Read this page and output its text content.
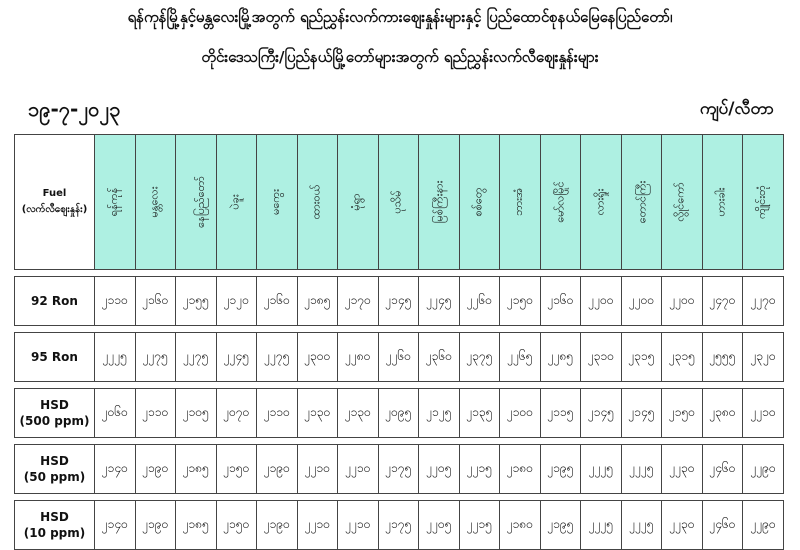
ရန်ကုန်မြို့နှင့်မန္တလေးမြို့အတွက် ရည်ညွှန်းလက်ကားဈေးနှုန်းများနှင့် ပြည်ထောင်စုနယ်မြေနေပြည်တော်၊
တိုင်းဒေသကြီး/ပြည်နယ်မြို့တော်များအတွက် ရည်ညွှန်းလက်လီဈေးနှုန်းများ
၁၉-၇-၂၀၂၃	ကျပ်/လီတာ
Fuel
(လက်လီဈေးနှုန်း)	ရန်ကုန်	မန္တလေး	နေပြည်တော်	ပဲခူး	မကွေး	ထားဝယ်	မုံရွာ	ပုသိမ်	မြစ်ကြီးနား	စစ်တွေ	ဘားအံ	မော်လမြိုင်	လားရှိုး	တောင်ကြီး	လွိုင်ကော်	ဟားခါး	ကျိုင်းတုံ

92 Ron	၂၁၁၀	၂၁၆၀	၂၁၅၅	၂၁၂၀	၂၁၆၀	၂၁၈၅	၂၁၇၀	၂၁၄၅	၂၂၄၅	၂၂၆၀	၂၁၅၀	၂၁၆၀	၂၂၀၀	၂၂၀၀	၂၂၀၀	၂၄၇၀	၂၂၇၀

95 Ron	၂၂၂၅	၂၂၇၅	၂၂၇၅	၂၂၄၅	၂၂၇၅	၂၃၀၀	၂၂၈၀	၂၂၆၀	၂၃၆၀	၂၃၇၅	၂၂၆၅	၂၂၈၅	၂၃၁၀	၂၃၁၅	၂၃၁၅	၂၅၅၅	၂၃၂၀

HSD
(500 ppm)	၂၀၆၀	၂၁၁၀	၂၁၀၅	၂၀၇၀	၂၁၁၀	၂၁၃၀	၂၁၃၀	၂၀၉၅	၂၁၂၅	၂၁၃၅	၂၁၀၀	၂၁၁၅	၂၁၄၅	၂၁၄၅	၂၁၅၀	၂၃၈၀	၂၂၁၀

HSD
(50 ppm)	၂၁၄၀	၂၁၉၀	၂၁၈၅	၂၁၅၀	၂၁၉၀	၂၂၁၀	၂၂၁၀	၂၁၇၅	၂၂၀၅	၂၂၁၅	၂၁၈၀	၂၁၉၅	၂၂၂၅	၂၂၂၅	၂၂၃၀	၂၄၆၀	၂၂၉၀

HSD
(10 ppm)	၂၁၄၀	၂၁၉၀	၂၁၈၅	၂၁၅၀	၂၁၉၀	၂၂၁၀	၂၂၁၀	၂၁၇၅	၂၂၀၅	၂၂၁၅	၂၁၈၀	၂၁၉၅	၂၂၂၅	၂၂၂၅	၂၂၃၀	၂၄၆၀	၂၂၉၀
